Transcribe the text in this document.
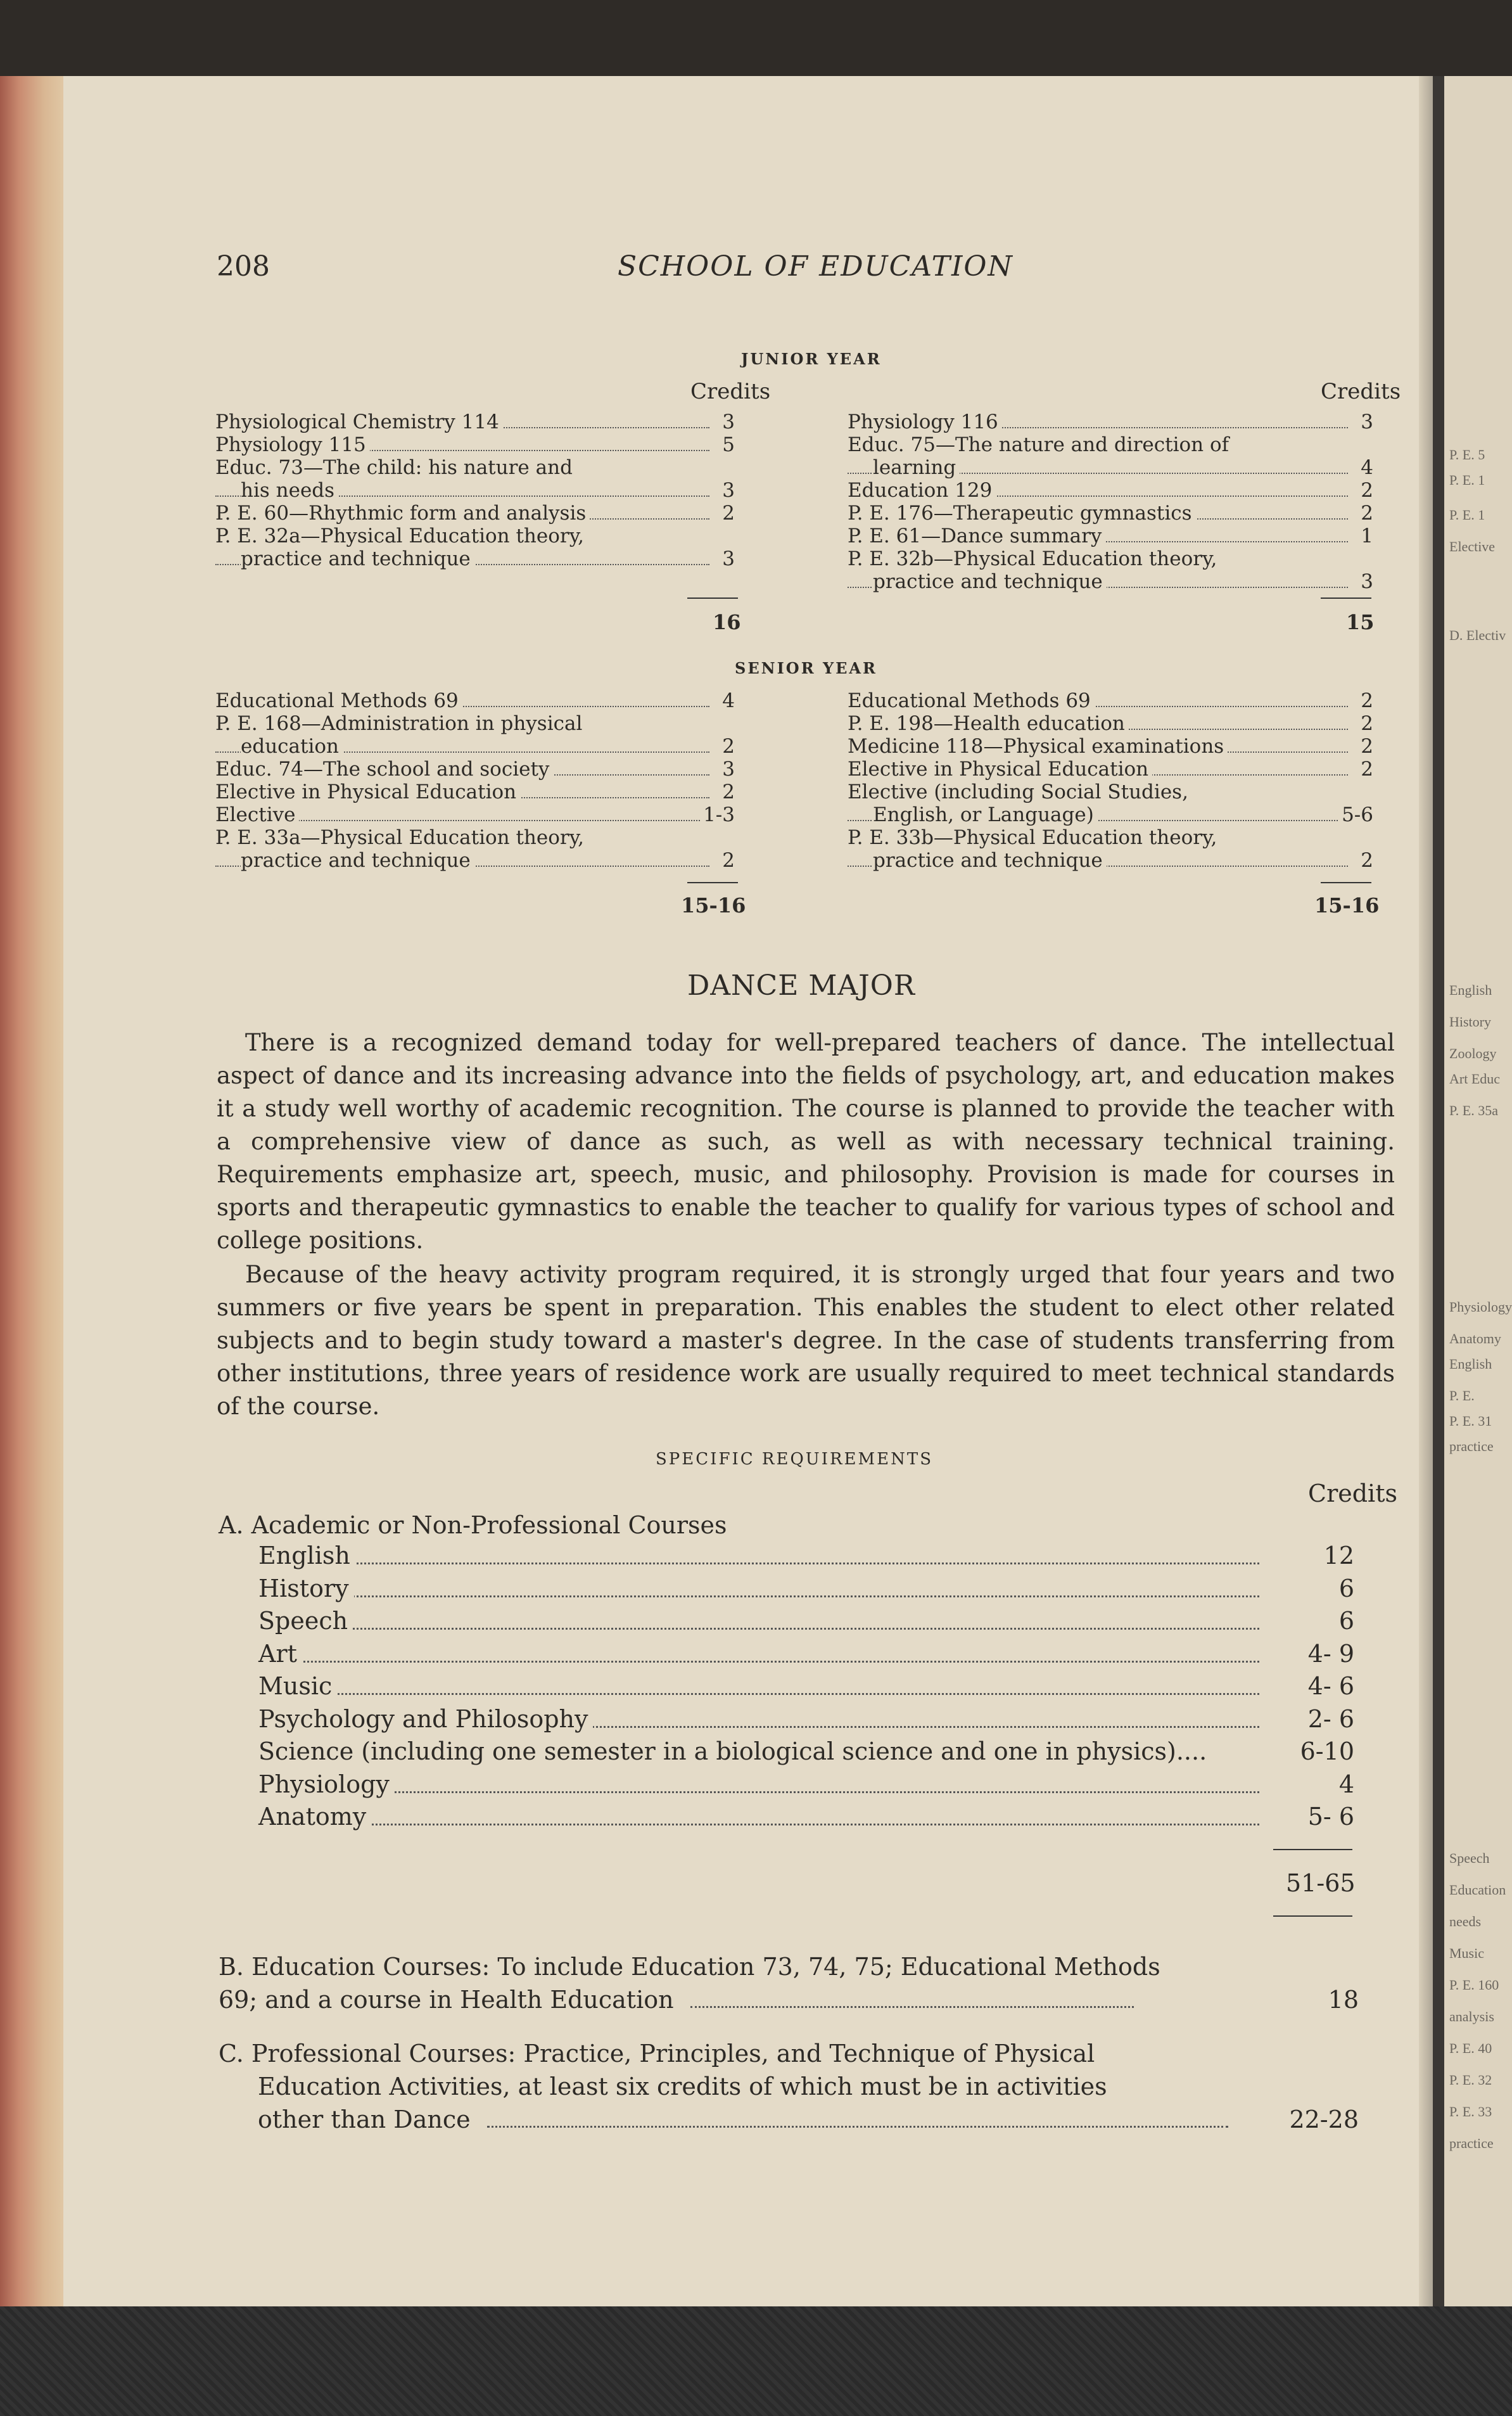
P. E. 5
P. E. 1
P. E. 1
Elective
D. Electiv
English
History
Zoology
Art Educ
P. E. 35a
Physiology
Anatomy
English
P. E.
P. E. 31
practice
Speech
Education
needs
Music
P. E. 160
analysis
P. E. 40
P. E. 32
P. E. 33
practice
208	SCHOOL OF EDUCATION
JUNIOR YEAR
Credits	Credits
Physiological Chemistry 114	3
Physiology 115	5
Educ. 73—The child: his nature and
his needs	3
P. E. 60—Rhythmic form and analysis	2
P. E. 32a—Physical Education theory,
practice and technique	3
Physiology 116	3
Educ. 75—The nature and direction of
learning	4
Education 129	2
P. E. 176—Therapeutic gymnastics	2
P. E. 61—Dance summary	1
P. E. 32b—Physical Education theory,
practice and technique	3
16	15
SENIOR YEAR
Educational Methods 69	4
P. E. 168—Administration in physical
education	2
Educ. 74—The school and society	3
Elective in Physical Education	2
Elective	1-3
P. E. 33a—Physical Education theory,
practice and technique	2
Educational Methods 69	2
P. E. 198—Health education	2
Medicine 118—Physical examinations	2
Elective in Physical Education	2
Elective (including Social Studies,
English, or Language)	5-6
P. E. 33b—Physical Education theory,
practice and technique	2
15-16	15-16
DANCE MAJOR
There is a recognized demand today for well-prepared teachers of dance. The intellectual aspect of dance and its increasing advance into the fields of psychology, art, and education makes it a study well worthy of academic recognition. The course is planned to provide the teacher with a comprehensive view of dance as such, as well as with necessary technical training. Requirements emphasize art, speech, music, and philosophy. Provision is made for courses in sports and therapeutic gymnastics to enable the teacher to qualify for various types of school and college positions.
Because of the heavy activity program required, it is strongly urged that four years and two summers or five years be spent in preparation. This enables the student to elect other related subjects and to begin study toward a master's degree. In the case of students transferring from other institutions, three years of residence work are usually required to meet technical standards of the course.
SPECIFIC REQUIREMENTS
Credits
A. Academic or Non-Professional Courses
English	12
History	6
Speech	6
Art	4- 9
Music	4- 6
Psychology and Philosophy	2- 6
Science (including one semester in a biological science and one in physics)....	6-10
Physiology	4
Anatomy	5- 6
51-65
B. Education Courses: To include Education 73, 74, 75; Educational Methods
69; and a course in Health Education	18
C. Professional Courses: Practice, Principles, and Technique of Physical
Education Activities, at least six credits of which must be in activities
other than Dance	22-28
